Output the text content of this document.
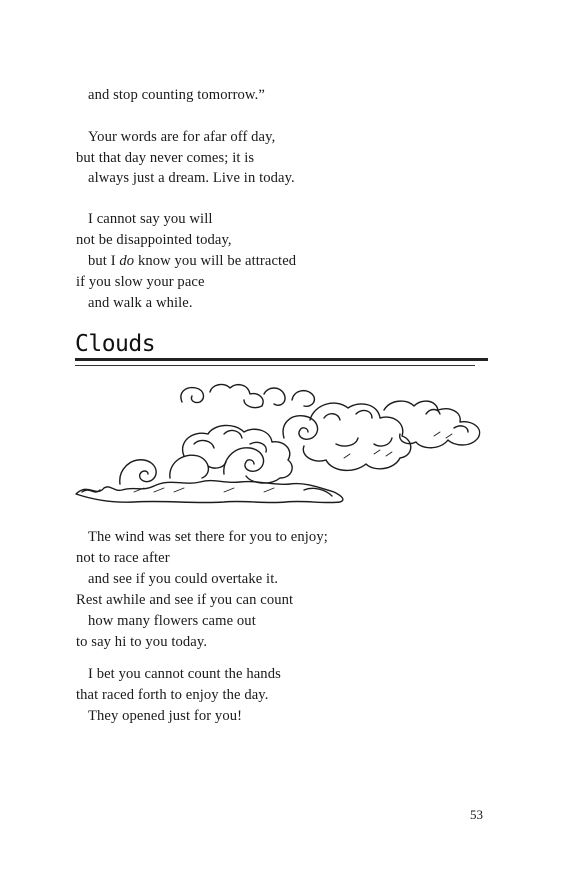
and stop counting tomorrow.”
Your words are for afar off day,
but that day never comes; it is
always just a dream. Live in today.
I cannot say you will
not be disappointed today,
but I do know you will be attracted
if you slow your pace
and walk a while.
Clouds
The wind was set there for you to enjoy;
not to race after
and see if you could overtake it.
Rest awhile and see if you can count
how many flowers came out
to say hi to you today.
I bet you cannot count the hands
that raced forth to enjoy the day.
They opened just for you!
53
